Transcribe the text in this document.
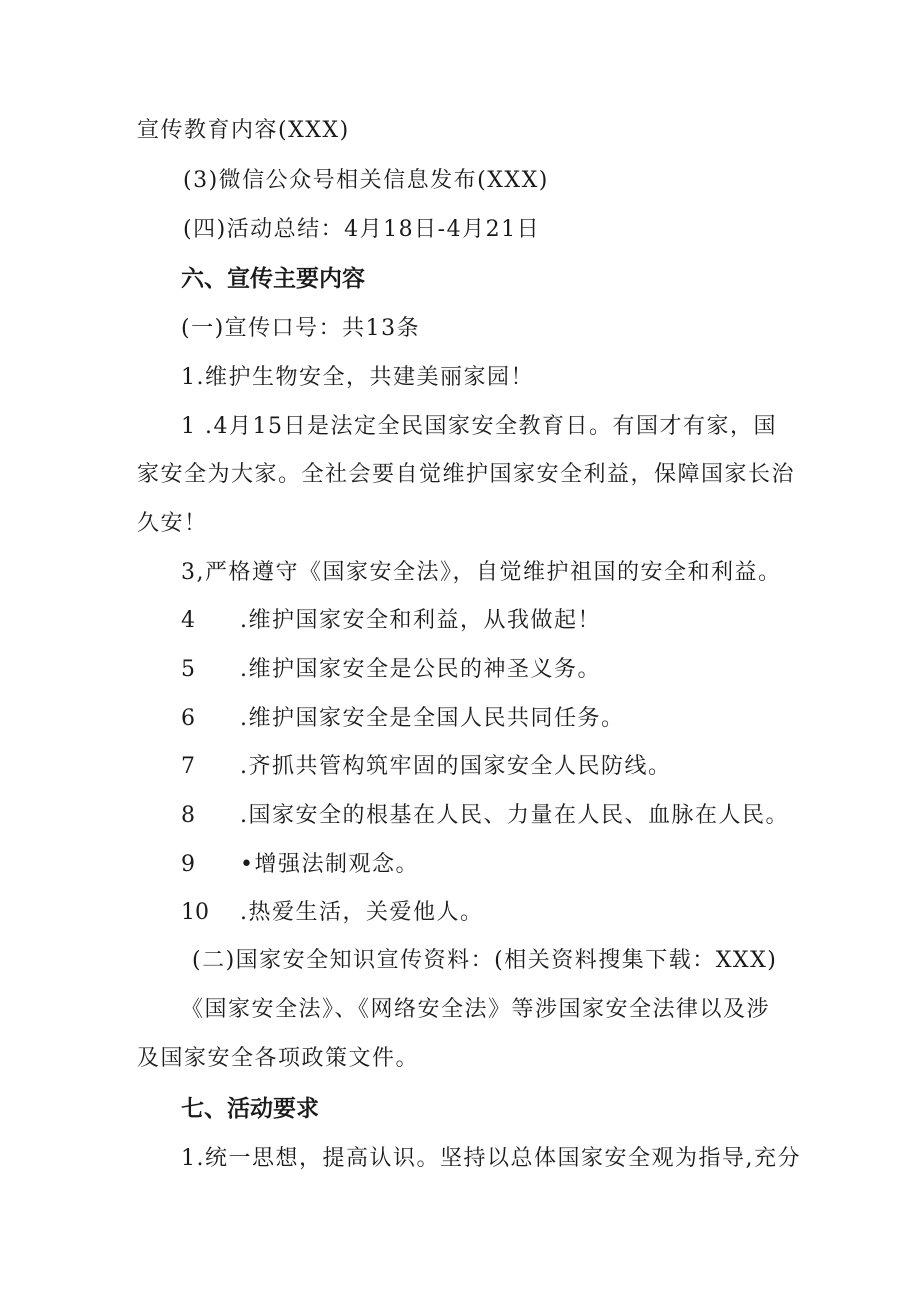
宣传教育内容(XXX)
(3)微信公众号相关信息发布(XXX)
(四)活动总结：4月18日-4月21日
六、宣传主要内容
(一)宣传口号：共13条
1.维护生物安全，共建美丽家园！
1 .4月15日是法定全民国家安全教育日。有国才有家，国
家安全为大家。全社会要自觉维护国家安全利益，保障国家长治
久安！
3,严格遵守《国家安全法》，自觉维护祖国的安全和利益。
4	.维护国家安全和利益，从我做起！
5	.维护国家安全是公民的神圣义务。
6	.维护国家安全是全国人民共同任务。
7	.齐抓共管构筑牢固的国家安全人民防线。
8	.国家安全的根基在人民、力量在人民、血脉在人民。
9	•增强法制观念。
10	.热爱生活，关爱他人。
(二)国家安全知识宣传资料：(相关资料搜集下载：XXX)
《国家安全法》、《网络安全法》等涉国家安全法律以及涉
及国家安全各项政策文件。
七、活动要求
1.统一思想，提高认识。坚持以总体国家安全观为指导,充分
